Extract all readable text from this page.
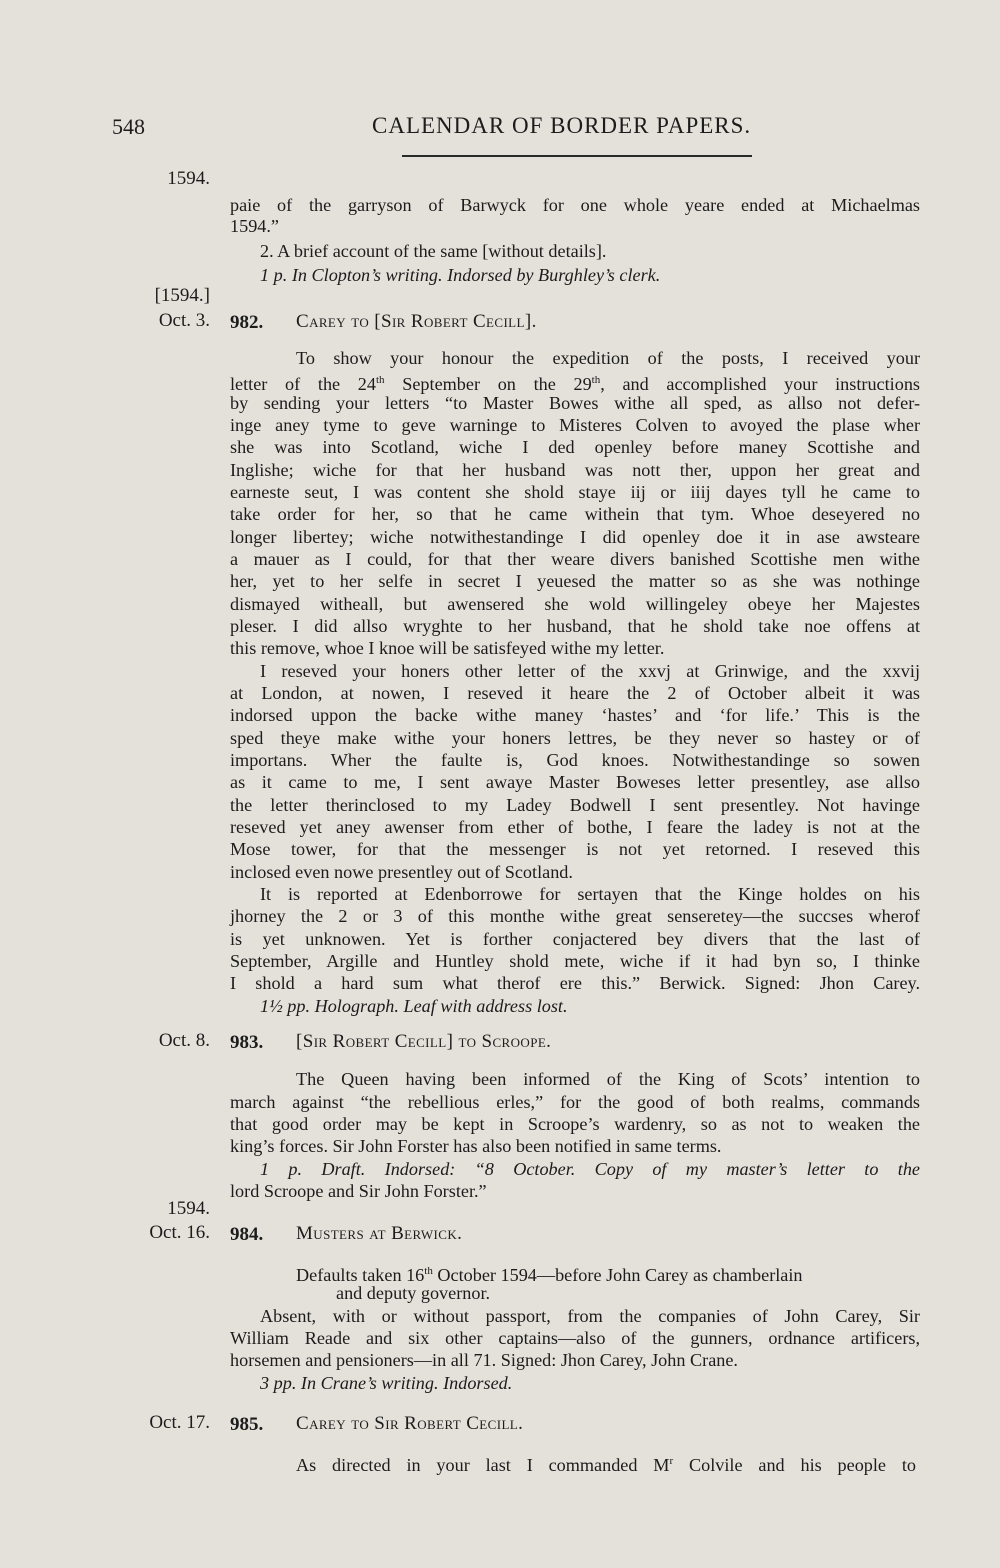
548	CALENDAR OF BORDER PAPERS.
1594.
[1594.]
Oct. 3.
Oct. 8.
1594.
Oct. 16.
Oct. 17.
paie of the garryson of Barwyck for one whole yeare ended at Michaelmas
1594.”
2. A brief account of the same [without details].
1 p. In Clopton’s writing. Indorsed by Burghley’s clerk.
982. Carey to [Sir Robert Cecill].
To show your honour the expedition of the posts, I received your
letter of the 24th September on the 29th, and accomplished your instructions
by sending your letters “to Master Bowes withe all sped, as allso not defer-
inge aney tyme to geve warninge to Misteres Colven to avoyed the plase wher
she was into Scotland, wiche I ded openley before maney Scottishe and
Inglishe; wiche for that her husband was nott ther, uppon her great and
earneste seut, I was content she shold staye iij or iiij dayes tyll he came to
take order for her, so that he came withein that tym. Whoe deseyered no
longer libertey; wiche notwithestandinge I did openley doe it in ase awsteare
a mauer as I could, for that ther weare divers banished Scottishe men withe
her, yet to her selfe in secret I yeuesed the matter so as she was nothinge
dismayed witheall, but awensered she wold willingeley obeye her Majestes
pleser. I did allso wryghte to her husband, that he shold take noe offens at
this remove, whoe I knoe will be satisfeyed withe my letter.
I reseved your honers other letter of the xxvj at Grinwige, and the xxvij
at London, at nowen, I reseved it heare the 2 of October albeit it was
indorsed uppon the backe withe maney ‘hastes’ and ‘for life.’ This is the
sped theye make withe your honers lettres, be they never so hastey or of
importans. Wher the faulte is, God knoes. Notwithestandinge so sowen
as it came to me, I sent awaye Master Boweses letter presentley, ase allso
the letter therinclosed to my Ladey Bodwell I sent presentley. Not havinge
reseved yet aney awenser from ether of bothe, I feare the ladey is not at the
Mose tower, for that the messenger is not yet retorned. I reseved this
inclosed even nowe presentley out of Scotland.
It is reported at Edenborrowe for sertayen that the Kinge holdes on his
jhorney the 2 or 3 of this monthe withe great senseretey—the succses wherof
is yet unknowen. Yet is forther conjactered bey divers that the last of
September, Argille and Huntley shold mete, wiche if it had byn so, I thinke
I shold a hard sum what therof ere this.” Berwick. Signed: Jhon Carey.
1½ pp. Holograph. Leaf with address lost.
983. [Sir Robert Cecill] to Scroope.
The Queen having been informed of the King of Scots’ intention to
march against “the rebellious erles,” for the good of both realms, commands
that good order may be kept in Scroope’s wardenry, so as not to weaken the
king’s forces. Sir John Forster has also been notified in same terms.
1 p. Draft. Indorsed: “8 October. Copy of my master’s letter to the
lord Scroope and Sir John Forster.”
984. Musters at Berwick.
Defaults taken 16th October 1594—before John Carey as chamberlain
and deputy governor.
Absent, with or without passport, from the companies of John Carey, Sir
William Reade and six other captains—also of the gunners, ordnance artificers,
horsemen and pensioners—in all 71. Signed: Jhon Carey, John Crane.
3 pp. In Crane’s writing. Indorsed.
985. Carey to Sir Robert Cecill.
As directed in your last I commanded $M^r$ Colvile and his people to
